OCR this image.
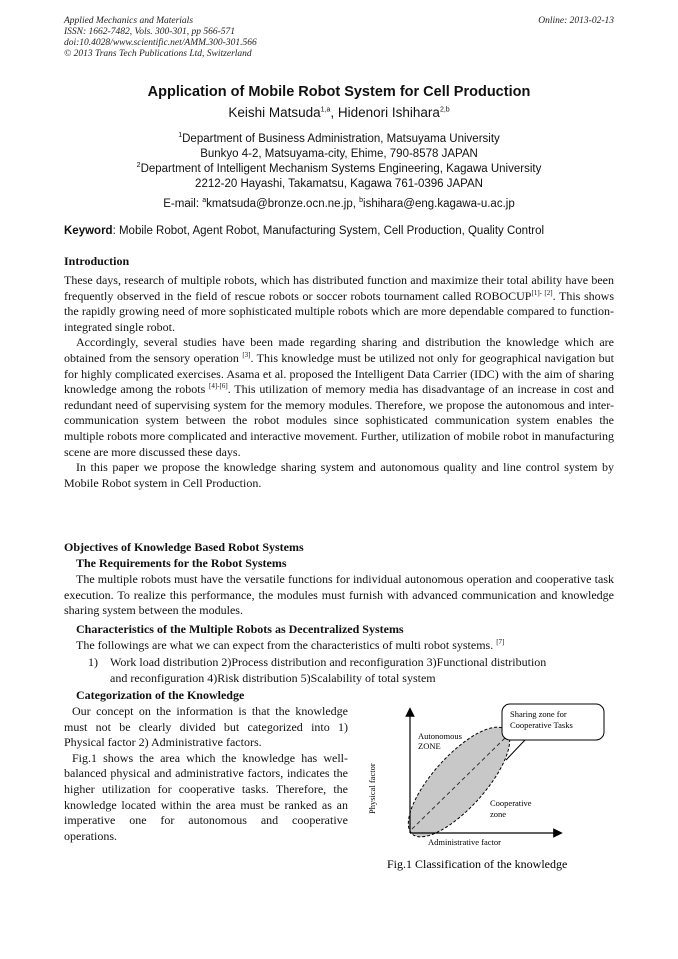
Applied Mechanics and Materials
ISSN: 1662-7482, Vols. 300-301, pp 566-571
doi:10.4028/www.scientific.net/AMM.300-301.566
© 2013 Trans Tech Publications Ltd, Switzerland
Online: 2013-02-13
Application of Mobile Robot System for Cell Production
Keishi Matsuda$^{1,a}$, Hidenori Ishihara$^{2,b}$
$^1$Department of Business Administration, Matsuyama University
Bunkyo 4-2, Matsuyama-city, Ehime, 790-8578 JAPAN
$^2$Department of Intelligent Mechanism Systems Engineering, Kagawa University
2212-20 Hayashi, Takamatsu, Kagawa 761-0396 JAPAN
E-mail: $^a$kmatsuda@bronze.ocn.ne.jp, $^b$ishihara@eng.kagawa-u.ac.jp
Keyword: Mobile Robot, Agent Robot, Manufacturing System, Cell Production, Quality Control
Introduction

These days, research of multiple robots, which has distributed function and maximize their total ability have been frequently observed in the field of rescue robots or soccer robots tournament called ROBOCUP[1]- [2]. This shows the rapidly growing need of more sophisticated multiple robots which are more dependable compared to function-integrated single robot.

Accordingly, several studies have been made regarding sharing and distribution the knowledge which are obtained from the sensory operation [3]. This knowledge must be utilized not only for geographical navigation but for highly complicated exercises. Asama et al. proposed the Intelligent Data Carrier (IDC) with the aim of sharing knowledge among the robots [4]-[6]. This utilization of memory media has disadvantage of an increase in cost and redundant need of supervising system for the memory modules. Therefore, we propose the autonomous and inter-communication system between the robot modules since sophisticated communication system enables the multiple robots more complicated and interactive movement. Further, utilization of mobile robot in manufacturing scene are more discussed these days.

In this paper we propose the knowledge sharing system and autonomous quality and line control system by Mobile Robot system in Cell Production.

Objectives of Knowledge Based Robot Systems
The Requirements for the Robot Systems
The multiple robots must have the versatile functions for individual autonomous operation and cooperative task execution. To realize this performance, the modules must furnish with advanced communication and knowledge sharing system between the modules.
Characteristics of the Multiple Robots as Decentralized Systems
The followings are what we can expect from the characteristics of multi robot systems. [7]
1) Work load distribution 2)Process distribution and reconfiguration 3)Functional distribution
and reconfiguration 4)Risk distribution 5)Scalability of total system
Categorization of the Knowledge

Our concept on the information is that the knowledge must not be clearly divided but categorized into 1) Physical factor 2) Administrative factors.

Fig.1 shows the area which the knowledge has well-balanced physical and administrative factors, indicates the higher utilization for cooperative tasks. Therefore, the knowledge located within the area must be ranked as an imperative one for autonomous and cooperative operations.

Sharing zone for
Cooperative Tasks
Autonomous
ZONE
Cooperative
zone
Physical factor
Administrative factor
Fig.1 Classification of the knowledge
